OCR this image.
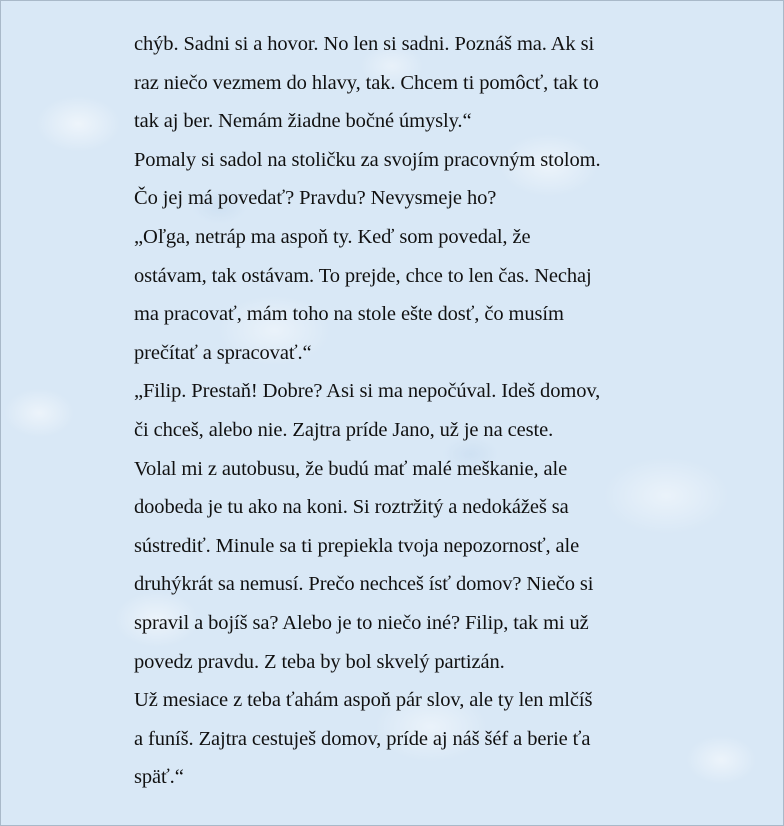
chýb. Sadni si a hovor. No len si sadni. Poznáš ma. Ak si
raz niečo vezmem do hlavy, tak. Chcem ti pomôcť, tak to
tak aj ber. Nemám žiadne bočné úmysly.“
Pomaly si sadol na stoličku za svojím pracovným stolom.
Čo jej má povedať? Pravdu? Nevysmeje ho?
„Oľga, netráp ma aspoň ty. Keď som povedal, že
ostávam, tak ostávam. To prejde, chce to len čas. Nechaj
ma pracovať, mám toho na stole ešte dosť, čo musím
prečítať a spracovať.“
„Filip. Prestaň! Dobre? Asi si ma nepočúval. Ideš domov,
či chceš, alebo nie. Zajtra príde Jano, už je na ceste.
Volal mi z autobusu, že budú mať malé meškanie, ale
doobeda je tu ako na koni. Si roztržitý a nedokážeš sa
sústrediť. Minule sa ti prepiekla tvoja nepozornosť, ale
druhýkrát sa nemusí. Prečo nechceš ísť domov? Niečo si
spravil a bojíš sa? Alebo je to niečo iné? Filip, tak mi už
povedz pravdu. Z teba by bol skvelý partizán.
Už mesiace z teba ťahám aspoň pár slov, ale ty len mlčíš
a funíš. Zajtra cestuješ domov, príde aj náš šéf a berie ťa
späť.“
